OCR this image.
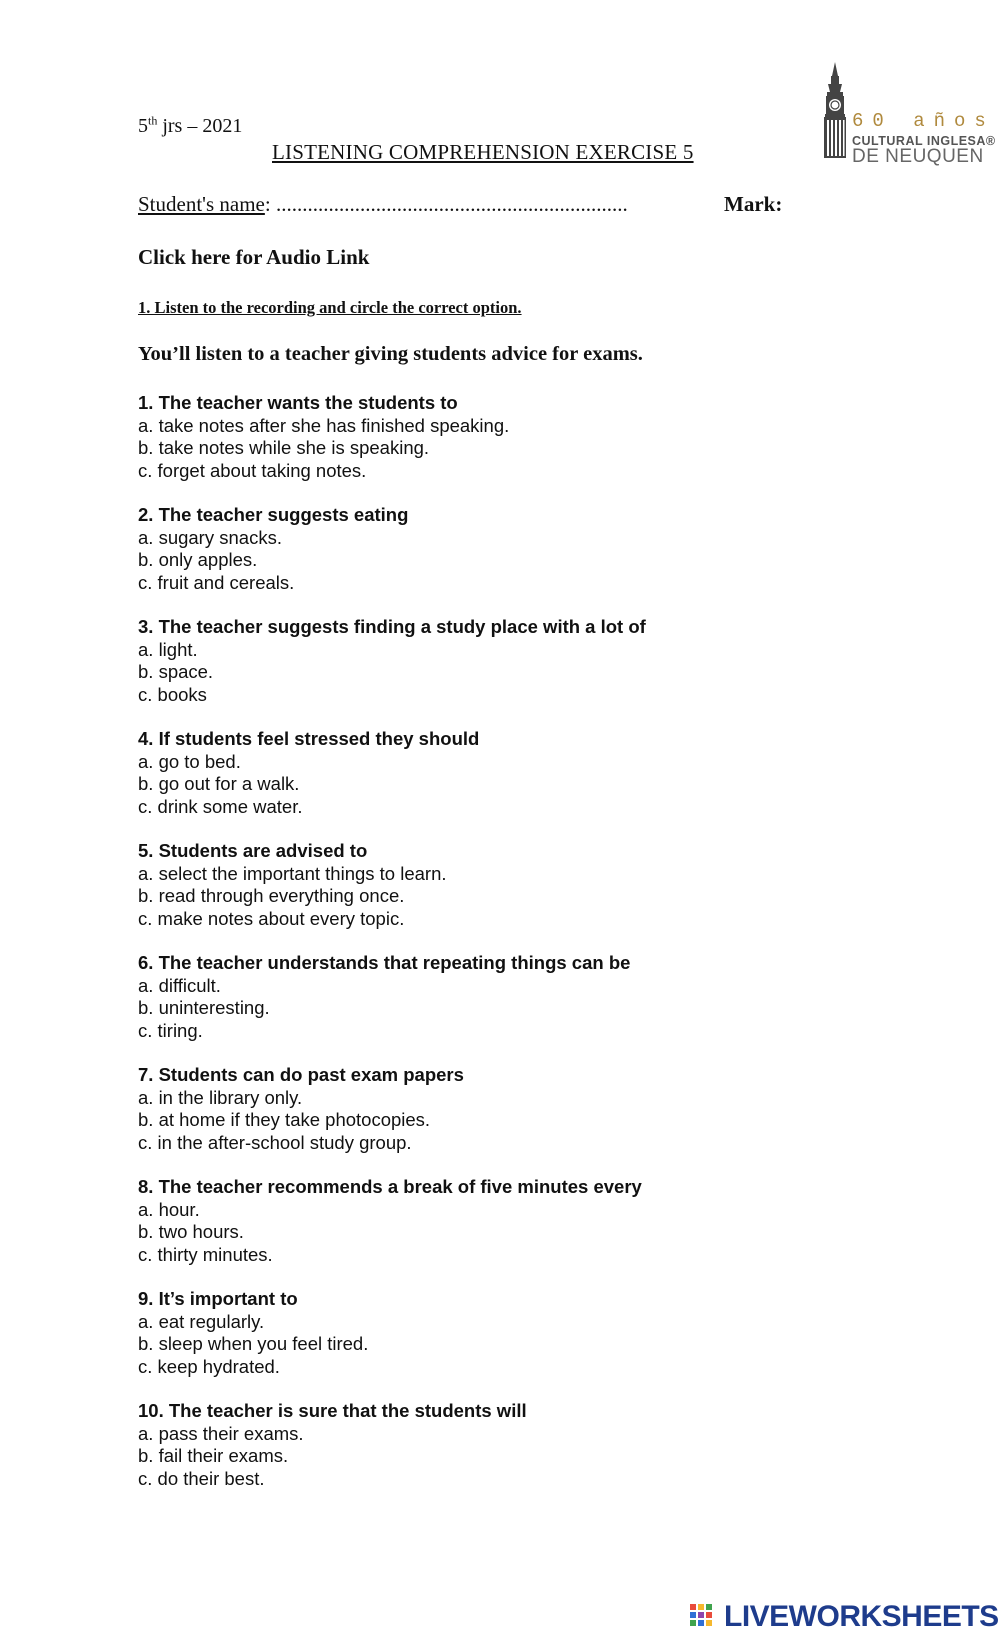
5th jrs – 2021
LISTENING COMPREHENSION EXERCISE 5
60 años
CULTURAL INGLESA®
DE NEUQUEN
Student's name: ...................................................................	Mark:
Click here for Audio Link
1. Listen to the recording and circle the correct option.
You’ll listen to a teacher giving students advice for exams.
1. The teacher wants the students to
a. take notes after she has finished speaking.
b. take notes while she is speaking.
c. forget about taking notes.
2. The teacher suggests eating
a. sugary snacks.
b. only apples.
c. fruit and cereals.
3. The teacher suggests finding a study place with a lot of
a. light.
b. space.
c. books
4. If students feel stressed they should
a. go to bed.
b. go out for a walk.
c. drink some water.
5. Students are advised to
a. select the important things to learn.
b. read through everything once.
c. make notes about every topic.
6. The teacher understands that repeating things can be
a. difficult.
b. uninteresting.
c. tiring.
7. Students can do past exam papers
a. in the library only.
b. at home if they take photocopies.
c. in the after-school study group.
8. The teacher recommends a break of five minutes every
a. hour.
b. two hours.
c. thirty minutes.
9. It’s important to
a. eat regularly.
b. sleep when you feel tired.
c. keep hydrated.
10. The teacher is sure that the students will
a. pass their exams.
b. fail their exams.
c. do their best.
LIVEWORKSHEETS
